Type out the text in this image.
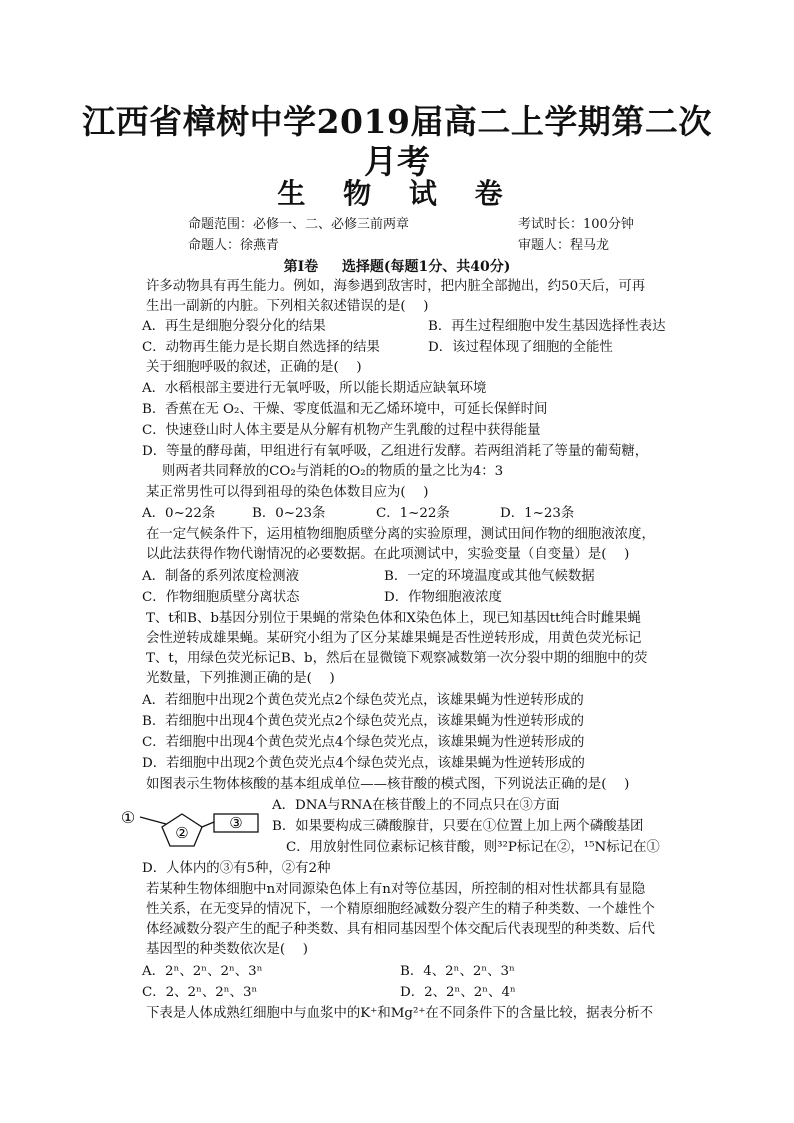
江西省樟树中学2019届高二上学期第二次
月考
生 物 试 卷
命题范围：必修一、二、必修三前两章	考试时长：100分钟
命题人：徐燕青	审题人：程马龙
第Ⅰ卷 　 选择题(每题1分、共40分)
许多动物具有再生能力。例如，海参遇到敌害时，把内脏全部抛出，约50天后，可再
生出一副新的内脏。下列相关叙述错误的是(　 )
A．再生是细胞分裂分化的结果	B．再生过程细胞中发生基因选择性表达
C．动物再生能力是长期自然选择的结果	D．该过程体现了细胞的全能性
关于细胞呼吸的叙述，正确的是(　 )
A．水稻根部主要进行无氧呼吸，所以能长期适应缺氧环境
B．香蕉在无 O₂、干燥、零度低温和无乙烯环境中，可延长保鲜时间
C．快速登山时人体主要是从分解有机物产生乳酸的过程中获得能量
D．等量的酵母菌，甲组进行有氧呼吸，乙组进行发酵。若两组消耗了等量的葡萄糖，
则两者共同释放的CO₂与消耗的O₂的物质的量之比为4：3
某正常男性可以得到祖母的染色体数目应为(　 )
A．0~22条	B．0~23条	C．1~22条	D．1~23条
在一定气候条件下，运用植物细胞质壁分离的实验原理，测试田间作物的细胞液浓度，
以此法获得作物代谢情况的必要数据。在此项测试中，实验变量（自变量）是(　 )
A．制备的系列浓度检测液	B．一定的环境温度或其他气候数据
C．作物细胞质壁分离状态	D．作物细胞液浓度
T、t和B、b基因分别位于果蝇的常染色体和X染色体上，现已知基因tt纯合时雌果蝇
会性逆转成雄果蝇。某研究小组为了区分某雄果蝇是否性逆转形成，用黄色荧光标记
T、t，用绿色荧光标记B、b，然后在显微镜下观察减数第一次分裂中期的细胞中的荧
光数量，下列推测正确的是(　 )
A．若细胞中出现2个黄色荧光点2个绿色荧光点，该雄果蝇为性逆转形成的
B．若细胞中出现4个黄色荧光点2个绿色荧光点，该雄果蝇为性逆转形成的
C．若细胞中出现4个黄色荧光点4个绿色荧光点，该雄果蝇为性逆转形成的
D．若细胞中出现2个黄色荧光点4个绿色荧光点，该雄果蝇为性逆转形成的
如图表示生物体核酸的基本组成单位——核苷酸的模式图，下列说法正确的是(　 )
①
②
③
A．DNA与RNA在核苷酸上的不同点只在③方面
B．如果要构成三磷酸腺苷，只要在①位置上加上两个磷酸基团
C．用放射性同位素标记核苷酸，则³²P标记在②，¹⁵N标记在①
D．人体内的③有5种，②有2种
若某种生物体细胞中n对同源染色体上有n对等位基因，所控制的相对性状都具有显隐
性关系，在无变异的情况下，一个精原细胞经减数分裂产生的精子种类数、一个雄性个
体经减数分裂产生的配子种类数、具有相同基因型个体交配后代表现型的种类数、后代
基因型的种类数依次是(　 )
A．2ⁿ、2ⁿ、2ⁿ、3ⁿ	B．4、2ⁿ、2ⁿ、3ⁿ
C．2、2ⁿ、2ⁿ、3ⁿ	D．2、2ⁿ、2ⁿ、4ⁿ
下表是人体成熟红细胞中与血浆中的K⁺和Mg²⁺在不同条件下的含量比较，据表分析不
